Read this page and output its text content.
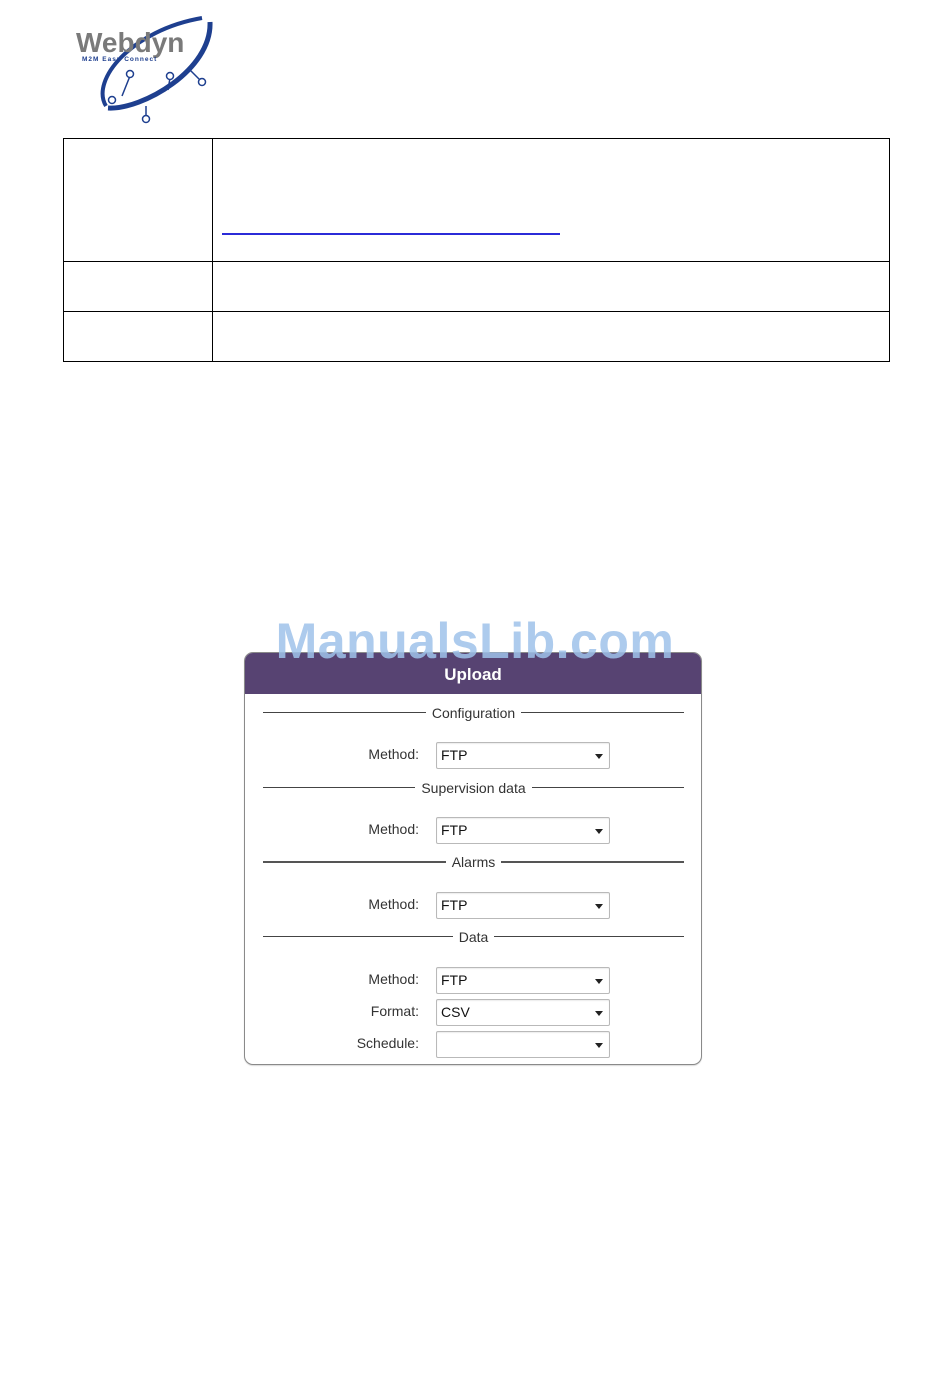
Webdyn
M2M Easy Connect

ManualsLib.com
Upload
Configuration
Method: FTP
Supervision data
Method: FTP
Alarms
Method: FTP
Data
Method: FTP
Format: CSV
Schedule:
